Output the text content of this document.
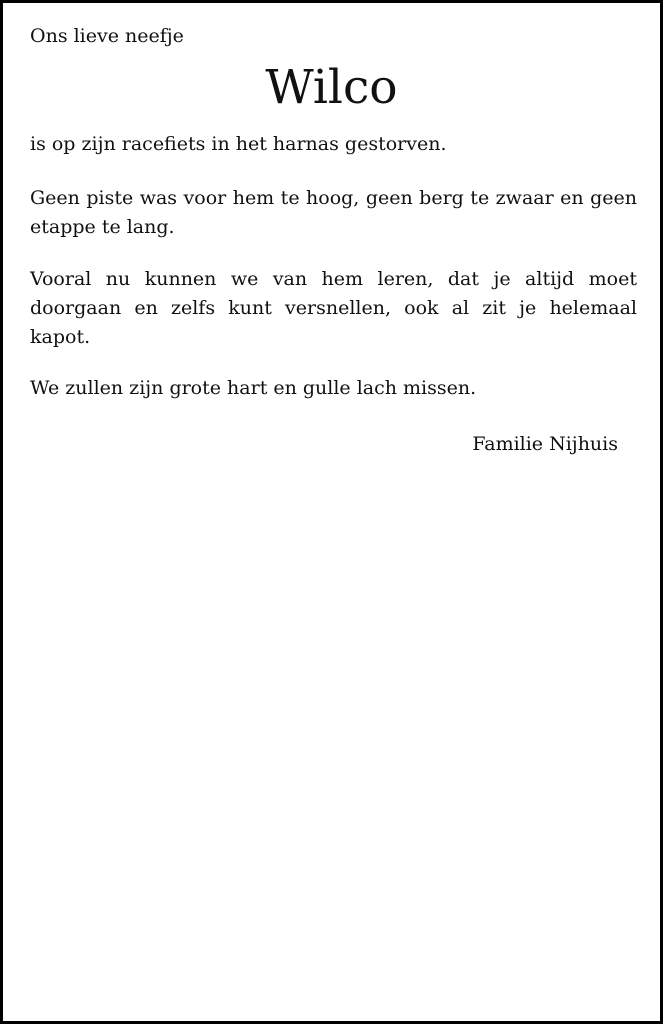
Ons lieve neefje

Wilco

is op zijn racefiets in het harnas gestorven.

Geen piste was voor hem te hoog, geen berg te zwaar en geen etappe te lang.

Vooral nu kunnen we van hem leren, dat je altijd moet doorgaan en zelfs kunt versnellen, ook al zit je helemaal kapot.

We zullen zijn grote hart en gulle lach missen.

Familie Nijhuis
